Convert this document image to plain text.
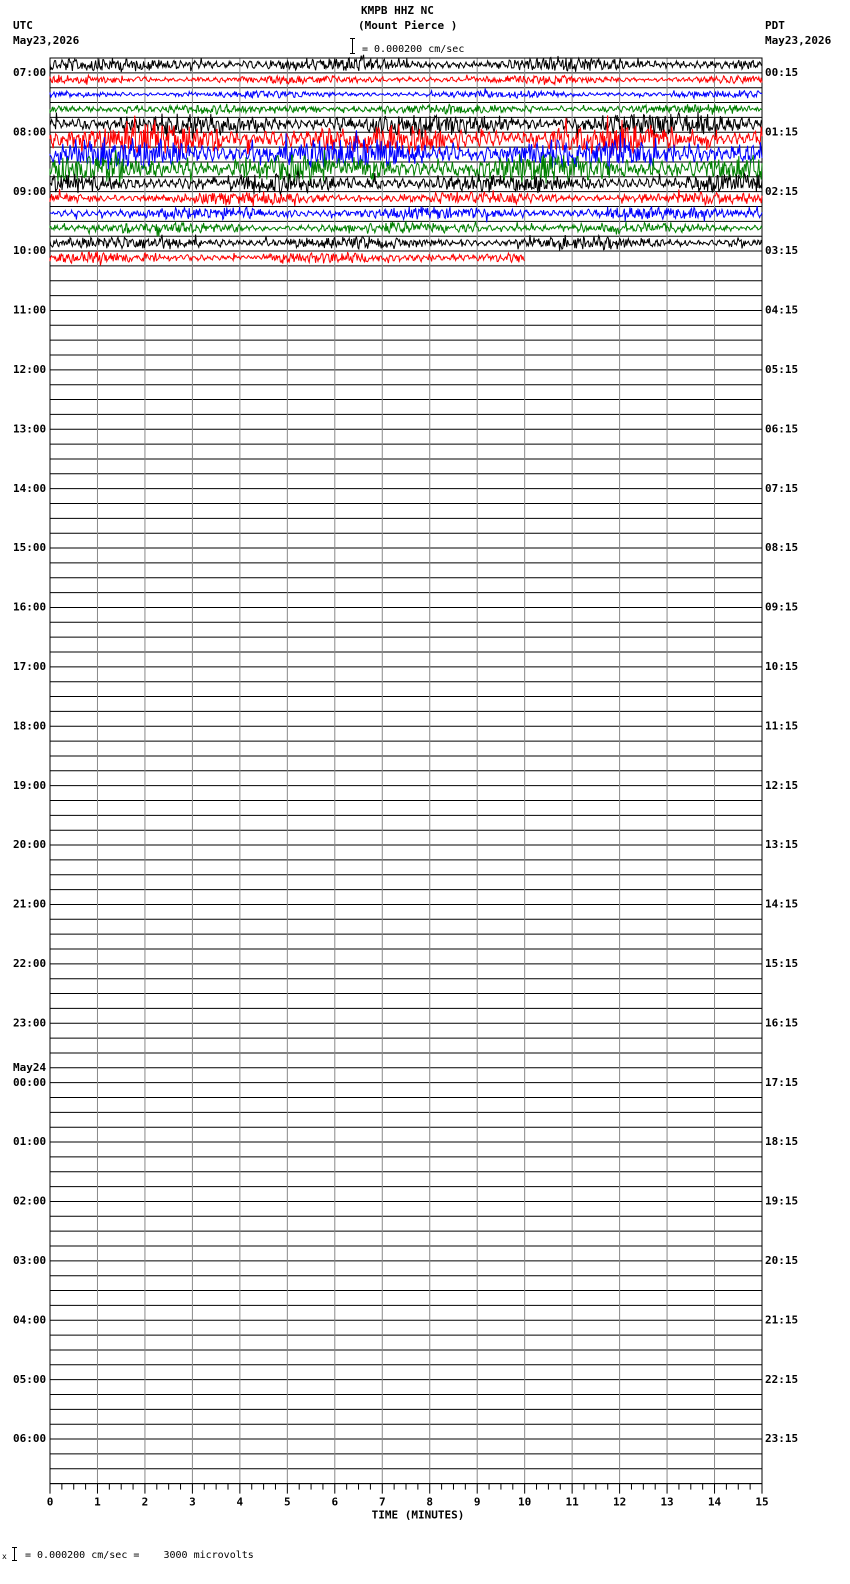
KMPB HHZ NC
(Mount Pierce )
= 0.000200 cm/sec
UTC
May23,2026
PDT
May23,2026
07:00	00:15
08:00	01:15
09:00	02:15
10:00	03:15
11:00	04:15
12:00	05:15
13:00	06:15
14:00	07:15
15:00	08:15
16:00	09:15
17:00	10:15
18:00	11:15
19:00	12:15
20:00	13:15
21:00	14:15
22:00	15:15
23:00	16:15
00:00	17:15
01:00	18:15
02:00	19:15
03:00	20:15
04:00	21:15
05:00	22:15
06:00	23:15
May24
0	1	2	3	4	5	6	7	8	9	10	11	12	13	14	15
TIME (MINUTES)
x = 0.000200 cm/sec =    3000 microvolts
